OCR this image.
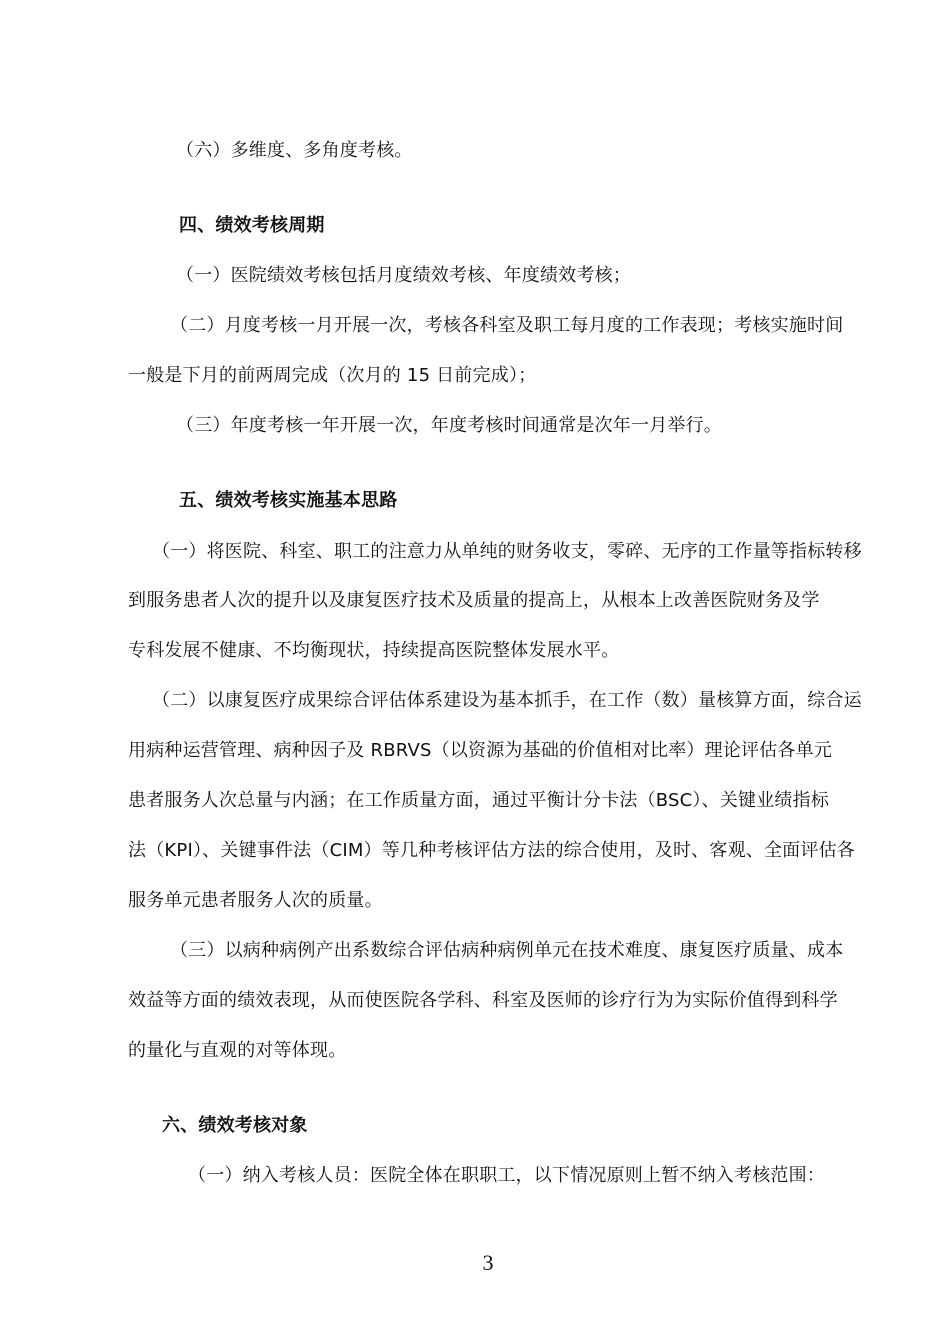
（六）多维度、多角度考核。
四、绩效考核周期
（一）医院绩效考核包括月度绩效考核、年度绩效考核；
（二）月度考核一月开展一次，考核各科室及职工每月度的工作表现；考核实施时间
一般是下月的前两周完成（次月的 15 日前完成）；
（三）年度考核一年开展一次，年度考核时间通常是次年一月举行。
五、绩效考核实施基本思路
（一）将医院、科室、职工的注意力从单纯的财务收支，零碎、无序的工作量等指标转移
到服务患者人次的提升以及康复医疗技术及质量的提高上，从根本上改善医院财务及学
专科发展不健康、不均衡现状，持续提高医院整体发展水平。
（二）以康复医疗成果综合评估体系建设为基本抓手，在工作（数）量核算方面，综合运
用病种运营管理、病种因子及 RBRVS（以资源为基础的价值相对比率）理论评估各单元
患者服务人次总量与内涵；在工作质量方面，通过平衡计分卡法（BSC）、关键业绩指标
法（KPI）、关键事件法（CIM）等几种考核评估方法的综合使用，及时、客观、全面评估各
服务单元患者服务人次的质量。
（三）以病种病例产出系数综合评估病种病例单元在技术难度、康复医疗质量、成本
效益等方面的绩效表现，从而使医院各学科、科室及医师的诊疗行为为实际价值得到科学
的量化与直观的对等体现。
六、绩效考核对象
（一）纳入考核人员：医院全体在职职工，以下情况原则上暂不纳入考核范围：
3
